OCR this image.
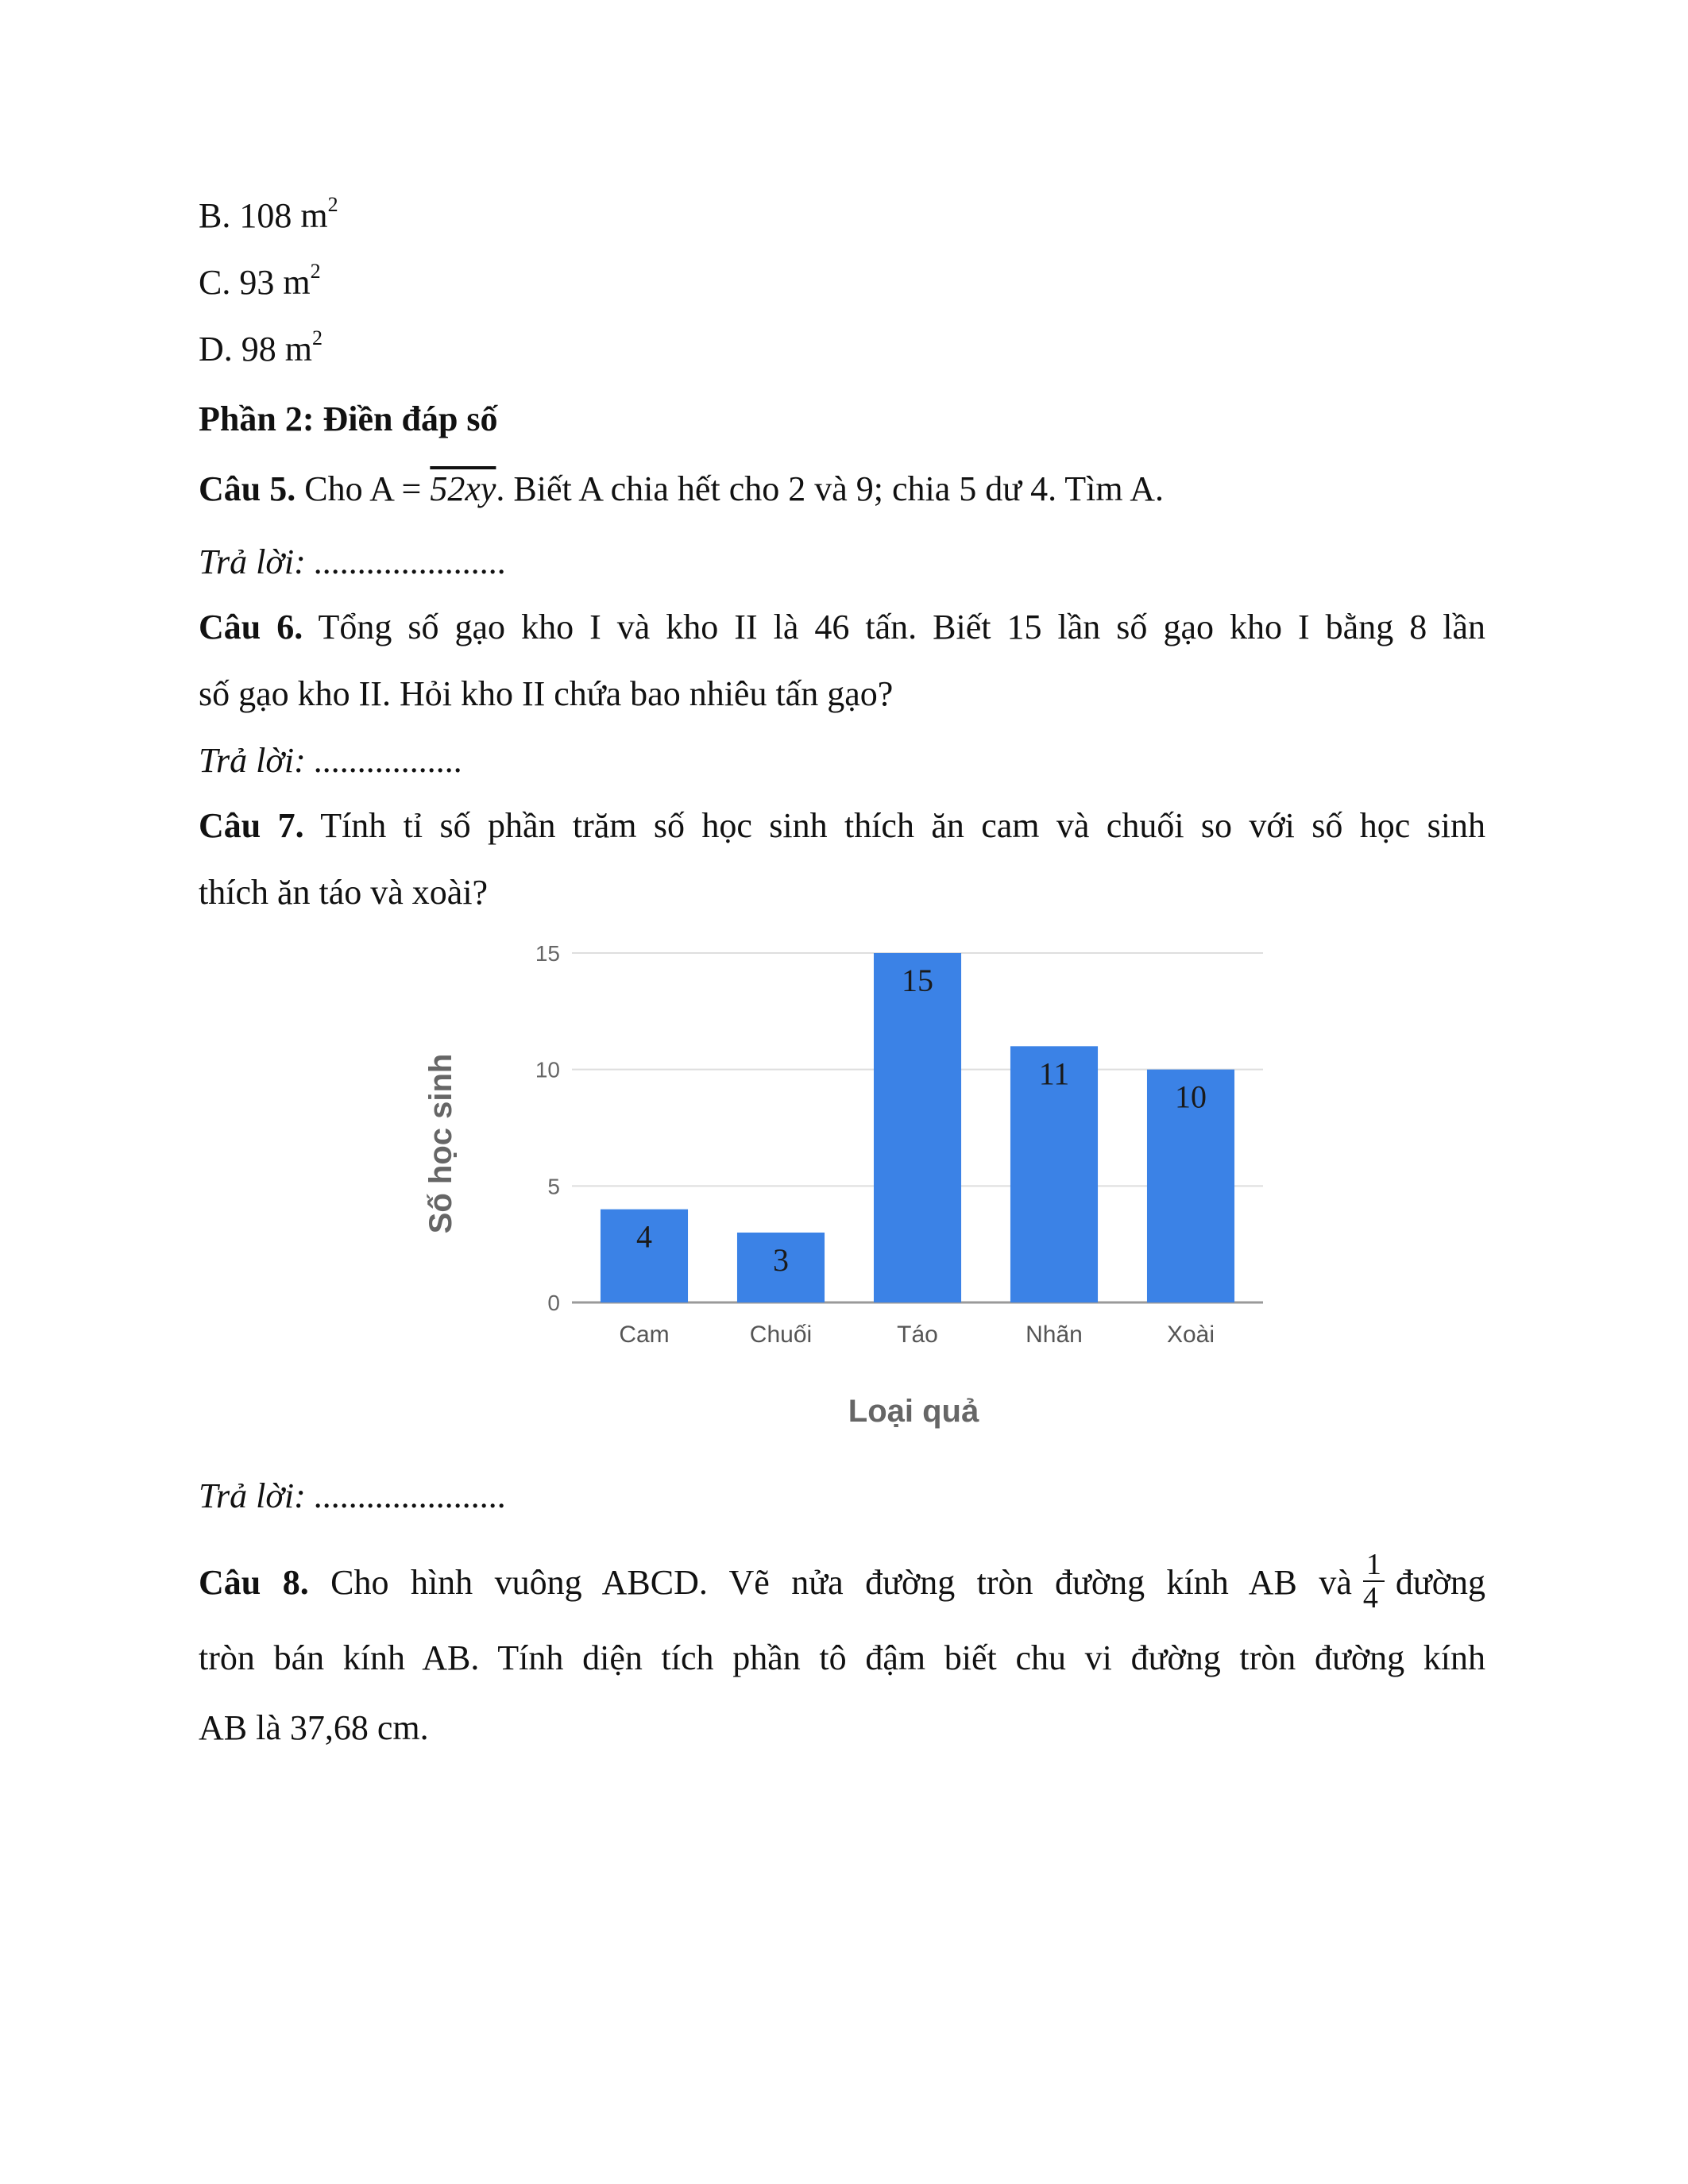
B. 108 $m^2$
C. 93 $m^2$
D. 98 $m^2$
Phần 2: Điền đáp số
Câu 5. Cho A = 52xy. Biết A chia hết cho 2 và 9; chia 5 dư 4. Tìm A.
Trả lời: ......................
Câu 6. Tổng số gạo kho I và kho II là 46 tấn. Biết 15 lần số gạo kho I bằng 8 lần
số gạo kho II. Hỏi kho II chứa bao nhiêu tấn gạo?
Trả lời: .................
Câu 7. Tính tỉ số phần trăm số học sinh thích ăn cam và chuối so với số học sinh
thích ăn táo và xoài?
0
5
10
15
4
3
15
11
10
Cam	Chuối	Táo	Nhãn	Xoài
Số học sinh
Loại quả
Trả lời: ......................
Câu 8. Cho hình vuông ABCD. Vẽ nửa đường tròn đường kính AB và $\frac{1}{4}$ đường
tròn bán kính AB. Tính diện tích phần tô đậm biết chu vi đường tròn đường kính
AB là 37,68 cm.
